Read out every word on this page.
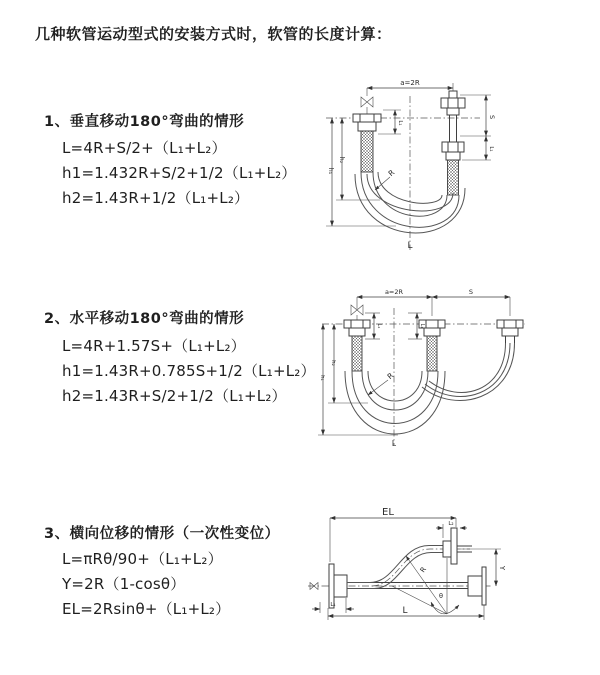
几种软管运动型式的安装方式时，软管的长度计算：
1、垂直移动180°弯曲的情形
L=4R+S/2+（L₁+L₂）
h1=1.432R+S/2+1/2（L₁+L₂）
h2=1.43R+1/2（L₁+L₂）
a=2R
S
L₁
L₁
h₁
h₂
R
L
2、水平移动180°弯曲的情形
L=4R+1.57S+（L₁+L₂）
h1=1.43R+0.785S+1/2（L₁+L₂）
h2=1.43R+S/2+1/2（L₁+L₂）
a=2R	S
L₁	L₁
h₁
h₂
R
L
3、横向位移的情形（一次性变位）
L=πRθ/90+（L₁+L₂）
Y=2R（1-cosθ）
EL=2Rsinθ+（L₁+L₂）
EL
L₂
Y
θ
R
L
L₁
